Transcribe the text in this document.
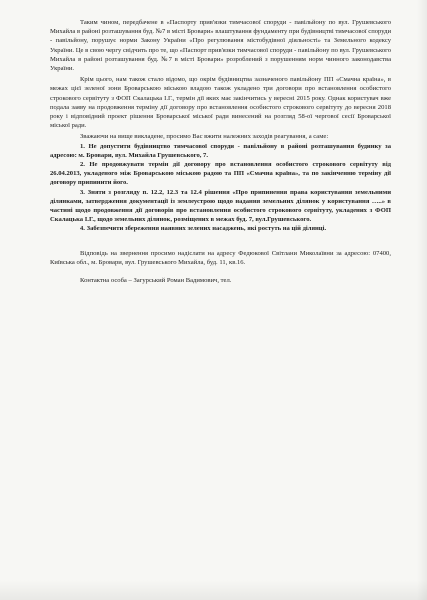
Таким чином, передбачене в «Паспорту прив'язки тимчасової споруди - павільйону по вул. Грушевського Михайла в районі розташування буд. №7 в місті Бровари» влаштування фундаменту при будівництві тимчасової споруди - павільйону, порушує норми Закону України «Про регулювання містобудівної діяльності» та Земельного кодексу України. Це в свою чергу свідчить про те, що «Паспорт прив'язки тимчасової споруди - павільйону по вул. Грушевського Михайла в районі розташування буд. №7 в місті Бровари» розроблений з порушенням норм чинного законодавства України.

Крім цього, нам також стало відомо, що окрім будівництва зазначеного павільйону ПП «Смачна країна», в межах цієї зеленої зони Броварською міською владою також укладено три договори про встановлення особистого строкового сервітуту з ФОП Скалацька І.Г., термін дії яких має закінчитись у вересні 2015 року. Однак користувач вже подала заяву на продовження терміну дії договору про встановлення особистого строкового сервітуту до вересня 2018 року і відповідний проект рішення Броварської міської ради винесений на розгляд 58-ої чергової сесії Броварської міської ради.

Зважаючи на вище викладене, просимо Вас вжити належних заходів реагування, а саме:

1. Не допустити будівництво тимчасової споруди - павільйону в районі розташування будинку за адресою: м. Бровари, вул. Михайла Грушевського, 7.

2. Не продовжувати термін дії договору про встановлення особистого строкового сервітуту від 26.04.2013, укладеного між Броварською міською радою та ПП «Смачна країна», та по закінченню терміну дії договору припинити його.

3. Зняти з розгляду п. 12.2, 12.3 та 12.4 рішення «Про припинення права користування земельними ділянками, затвердження документації із землеустрою щодо надання земельних ділянок у користування …..» в частині щодо продовження дії договорів про встановлення особистого строкового сервітуту, укладених з ФОП Скалацька І.Г., щодо земельних ділянок, розміщених в межах буд. 7, вул.Грушевського.

4. Забезпечити збереження наявних зелених насаджень, які ростуть на цій ділянці.

Відповідь на звернення просимо надіслати на адресу Федюкової Світлани Миколаївни за адресою: 07400, Київська обл., м. Бровари, вул. Грушевського Михайла, буд. 11, кв.16.

Контактна особа – Загурський Роман Вадимович, тел.
